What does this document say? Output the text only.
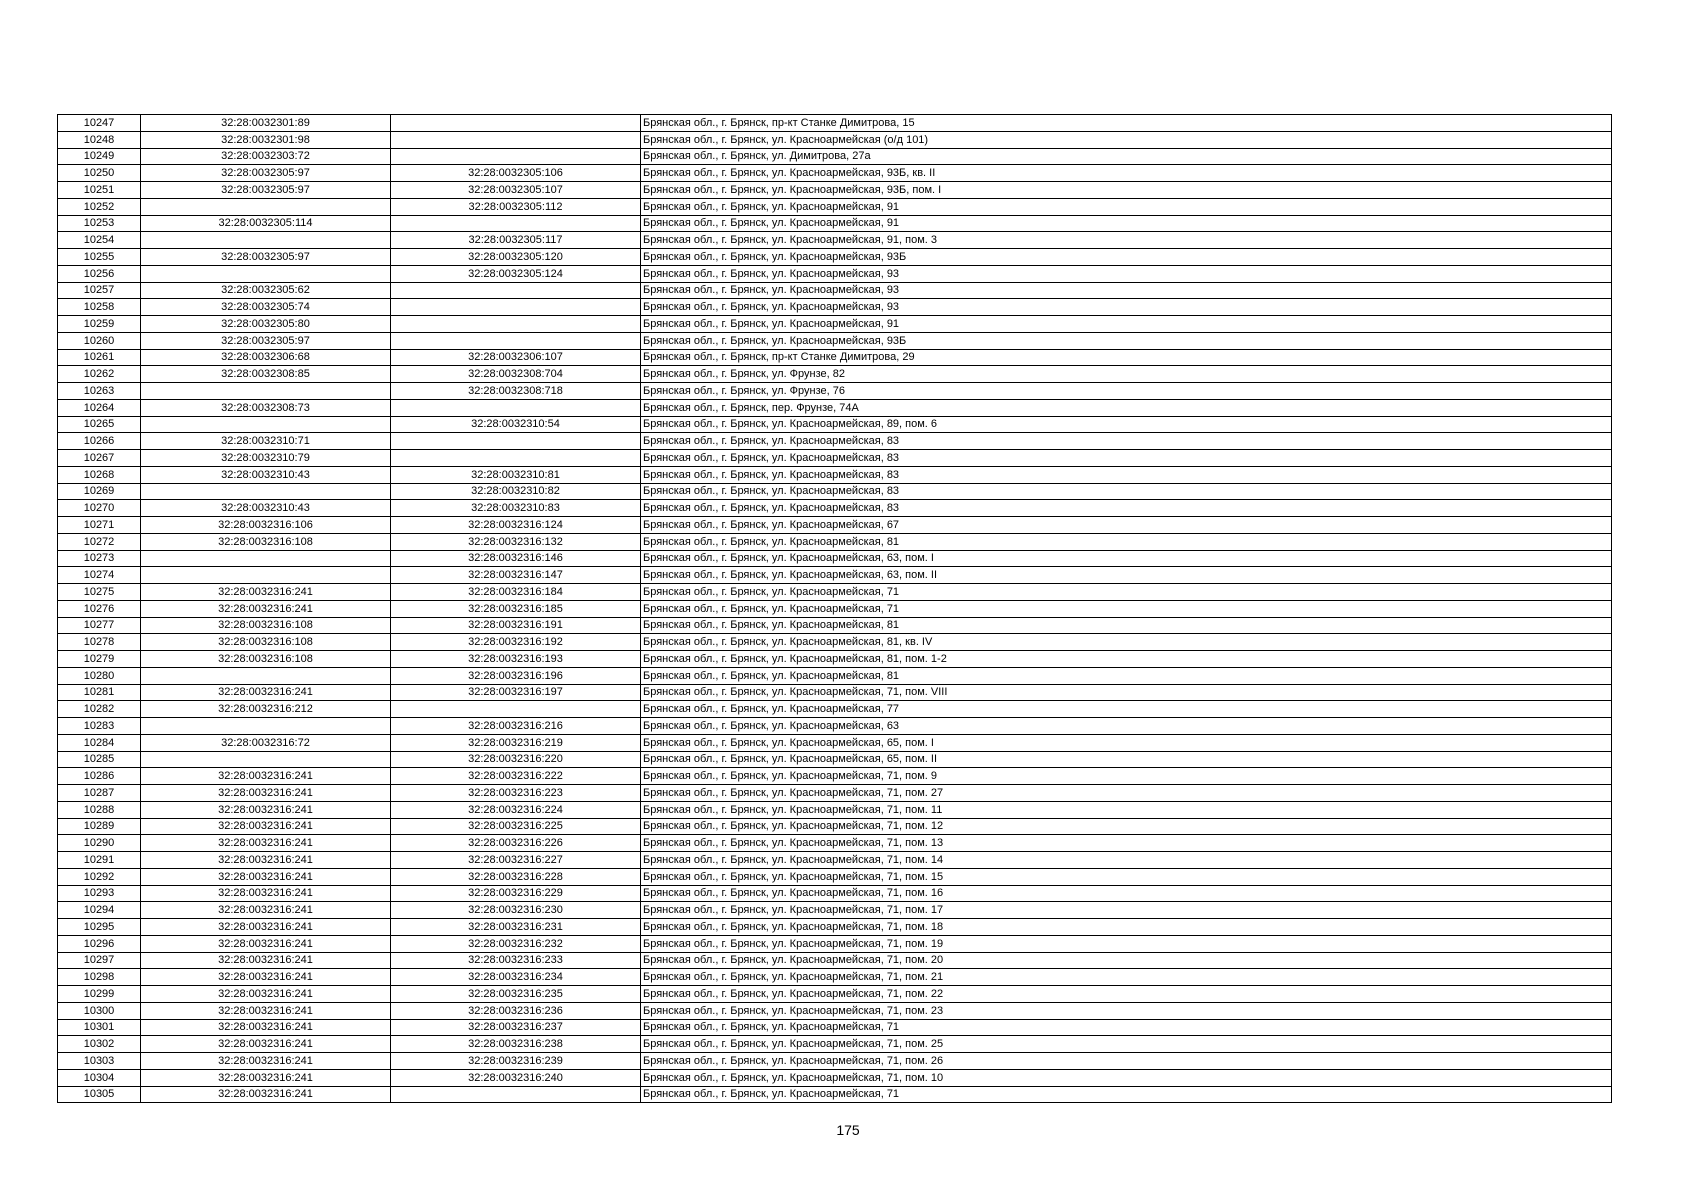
10247	32:28:0032301:89		Брянская обл., г. Брянск, пр-кт Станке Димитрова, 15
10248	32:28:0032301:98		Брянская обл., г. Брянск, ул. Красноармейская (о/д 101)
10249	32:28:0032303:72		Брянская обл., г. Брянск, ул. Димитрова, 27а
10250	32:28:0032305:97	32:28:0032305:106	Брянская обл., г. Брянск, ул. Красноармейская, 93Б, кв. II
10251	32:28:0032305:97	32:28:0032305:107	Брянская обл., г. Брянск, ул. Красноармейская, 93Б, пом. I
10252		32:28:0032305:112	Брянская обл., г. Брянск, ул. Красноармейская, 91
10253	32:28:0032305:114		Брянская обл., г. Брянск, ул. Красноармейская, 91
10254		32:28:0032305:117	Брянская обл., г. Брянск, ул. Красноармейская, 91, пом. 3
10255	32:28:0032305:97	32:28:0032305:120	Брянская обл., г. Брянск, ул. Красноармейская, 93Б
10256		32:28:0032305:124	Брянская обл., г. Брянск, ул. Красноармейская, 93
10257	32:28:0032305:62		Брянская обл., г. Брянск, ул. Красноармейская, 93
10258	32:28:0032305:74		Брянская обл., г. Брянск, ул. Красноармейская, 93
10259	32:28:0032305:80		Брянская обл., г. Брянск, ул. Красноармейская, 91
10260	32:28:0032305:97		Брянская обл., г. Брянск, ул. Красноармейская, 93Б
10261	32:28:0032306:68	32:28:0032306:107	Брянская обл., г. Брянск, пр-кт Станке Димитрова, 29
10262	32:28:0032308:85	32:28:0032308:704	Брянская обл., г. Брянск, ул. Фрунзе, 82
10263		32:28:0032308:718	Брянская обл., г. Брянск, ул. Фрунзе, 76
10264	32:28:0032308:73		Брянская обл., г. Брянск, пер. Фрунзе, 74А
10265		32:28:0032310:54	Брянская обл., г. Брянск, ул. Красноармейская, 89, пом. 6
10266	32:28:0032310:71		Брянская обл., г. Брянск, ул. Красноармейская, 83
10267	32:28:0032310:79		Брянская обл., г. Брянск, ул. Красноармейская, 83
10268	32:28:0032310:43	32:28:0032310:81	Брянская обл., г. Брянск, ул. Красноармейская, 83
10269		32:28:0032310:82	Брянская обл., г. Брянск, ул. Красноармейская, 83
10270	32:28:0032310:43	32:28:0032310:83	Брянская обл., г. Брянск, ул. Красноармейская, 83
10271	32:28:0032316:106	32:28:0032316:124	Брянская обл., г. Брянск, ул. Красноармейская, 67
10272	32:28:0032316:108	32:28:0032316:132	Брянская обл., г. Брянск, ул. Красноармейская, 81
10273		32:28:0032316:146	Брянская обл., г. Брянск, ул. Красноармейская, 63, пом. I
10274		32:28:0032316:147	Брянская обл., г. Брянск, ул. Красноармейская, 63, пом. II
10275	32:28:0032316:241	32:28:0032316:184	Брянская обл., г. Брянск, ул. Красноармейская, 71
10276	32:28:0032316:241	32:28:0032316:185	Брянская обл., г. Брянск, ул. Красноармейская, 71
10277	32:28:0032316:108	32:28:0032316:191	Брянская обл., г. Брянск, ул. Красноармейская, 81
10278	32:28:0032316:108	32:28:0032316:192	Брянская обл., г. Брянск, ул. Красноармейская, 81, кв. IV
10279	32:28:0032316:108	32:28:0032316:193	Брянская обл., г. Брянск, ул. Красноармейская, 81, пом. 1-2
10280		32:28:0032316:196	Брянская обл., г. Брянск, ул. Красноармейская, 81
10281	32:28:0032316:241	32:28:0032316:197	Брянская обл., г. Брянск, ул. Красноармейская, 71, пом. VIII
10282	32:28:0032316:212		Брянская обл., г. Брянск, ул. Красноармейская, 77
10283		32:28:0032316:216	Брянская обл., г. Брянск, ул. Красноармейская, 63
10284	32:28:0032316:72	32:28:0032316:219	Брянская обл., г. Брянск, ул. Красноармейская, 65, пом. I
10285		32:28:0032316:220	Брянская обл., г. Брянск, ул. Красноармейская, 65, пом. II
10286	32:28:0032316:241	32:28:0032316:222	Брянская обл., г. Брянск, ул. Красноармейская, 71, пом. 9
10287	32:28:0032316:241	32:28:0032316:223	Брянская обл., г. Брянск, ул. Красноармейская, 71, пом. 27
10288	32:28:0032316:241	32:28:0032316:224	Брянская обл., г. Брянск, ул. Красноармейская, 71, пом. 11
10289	32:28:0032316:241	32:28:0032316:225	Брянская обл., г. Брянск, ул. Красноармейская, 71, пом. 12
10290	32:28:0032316:241	32:28:0032316:226	Брянская обл., г. Брянск, ул. Красноармейская, 71, пом. 13
10291	32:28:0032316:241	32:28:0032316:227	Брянская обл., г. Брянск, ул. Красноармейская, 71, пом. 14
10292	32:28:0032316:241	32:28:0032316:228	Брянская обл., г. Брянск, ул. Красноармейская, 71, пом. 15
10293	32:28:0032316:241	32:28:0032316:229	Брянская обл., г. Брянск, ул. Красноармейская, 71, пом. 16
10294	32:28:0032316:241	32:28:0032316:230	Брянская обл., г. Брянск, ул. Красноармейская, 71, пом. 17
10295	32:28:0032316:241	32:28:0032316:231	Брянская обл., г. Брянск, ул. Красноармейская, 71, пом. 18
10296	32:28:0032316:241	32:28:0032316:232	Брянская обл., г. Брянск, ул. Красноармейская, 71, пом. 19
10297	32:28:0032316:241	32:28:0032316:233	Брянская обл., г. Брянск, ул. Красноармейская, 71, пом. 20
10298	32:28:0032316:241	32:28:0032316:234	Брянская обл., г. Брянск, ул. Красноармейская, 71, пом. 21
10299	32:28:0032316:241	32:28:0032316:235	Брянская обл., г. Брянск, ул. Красноармейская, 71, пом. 22
10300	32:28:0032316:241	32:28:0032316:236	Брянская обл., г. Брянск, ул. Красноармейская, 71, пом. 23
10301	32:28:0032316:241	32:28:0032316:237	Брянская обл., г. Брянск, ул. Красноармейская, 71
10302	32:28:0032316:241	32:28:0032316:238	Брянская обл., г. Брянск, ул. Красноармейская, 71, пом. 25
10303	32:28:0032316:241	32:28:0032316:239	Брянская обл., г. Брянск, ул. Красноармейская, 71, пом. 26
10304	32:28:0032316:241	32:28:0032316:240	Брянская обл., г. Брянск, ул. Красноармейская, 71, пом. 10
10305	32:28:0032316:241		Брянская обл., г. Брянск, ул. Красноармейская, 71
175
